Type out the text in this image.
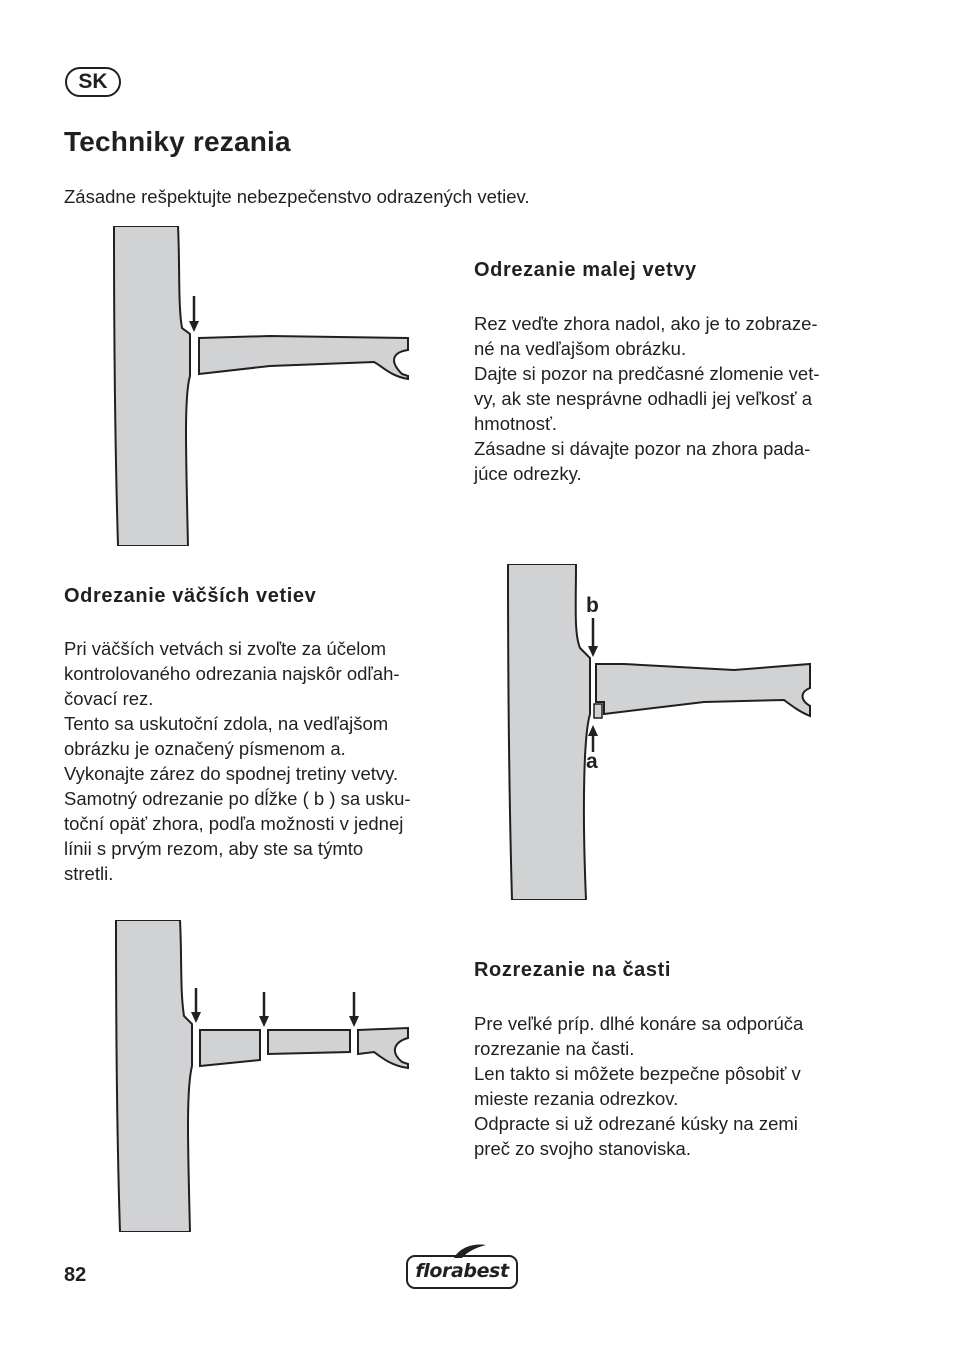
SK
Techniky rezania

Zásadne rešpektujte nebezpečenstvo odrazených vetiev.

Odrezanie malej vetvy
Rez veďte zhora nadol, ako je to zobraze-
né na vedľajšom obrázku.
Dajte si pozor na predčasné zlomenie vet-
vy, ak ste nesprávne odhadli jej veľkosť a
hmotnosť.
Zásadne si dávajte pozor na zhora pada-
júce odrezky.
Odrezanie väčších vetiev
Pri väčších vetvách si zvoľte za účelom
kontrolovaného odrezania najskôr odľah-
čovací rez.
Tento sa uskutoční zdola, na vedľajšom
obrázku je označený písmenom a.
Vykonajte zárez do spodnej tretiny vetvy.
Samotný odrezanie po dĺžke ( b ) sa usku-
toční opäť zhora, podľa možnosti v jednej
línii s prvým rezom, aby ste sa týmto
stretli.
b
a
Rozrezanie na časti
Pre veľké príp. dlhé konáre sa odporúča
rozrezanie na časti.
Len takto si môžete bezpečne pôsobiť v
mieste rezania odrezkov.
Odpracte si už odrezané kúsky na zemi
preč zo svojho stanoviska.
82	florabest
